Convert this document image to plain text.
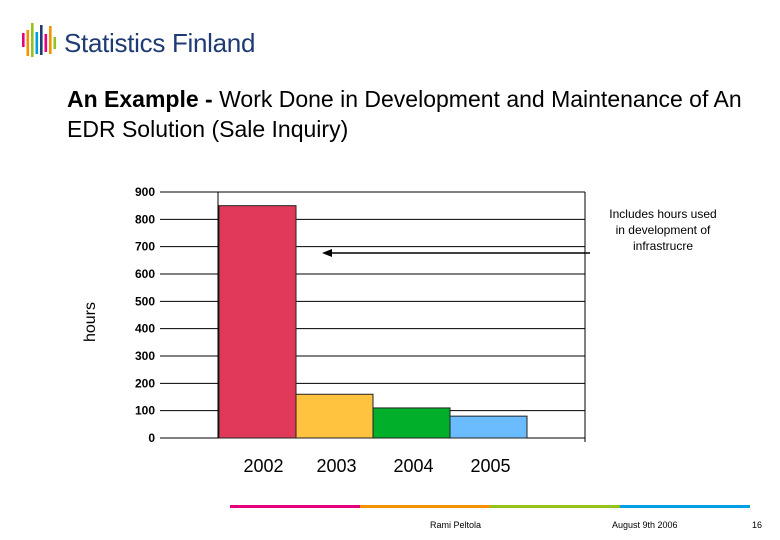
Statistics Finland
An Example - Work Done in Development and Maintenance of An EDR Solution (Sale Inquiry)
0
100
200
300
400
500
600
700
800
900
2002 2003 2004 2005
hours
Includes hours used
in development of
infrastrucre
Rami Peltola	August 9th 2006	16
